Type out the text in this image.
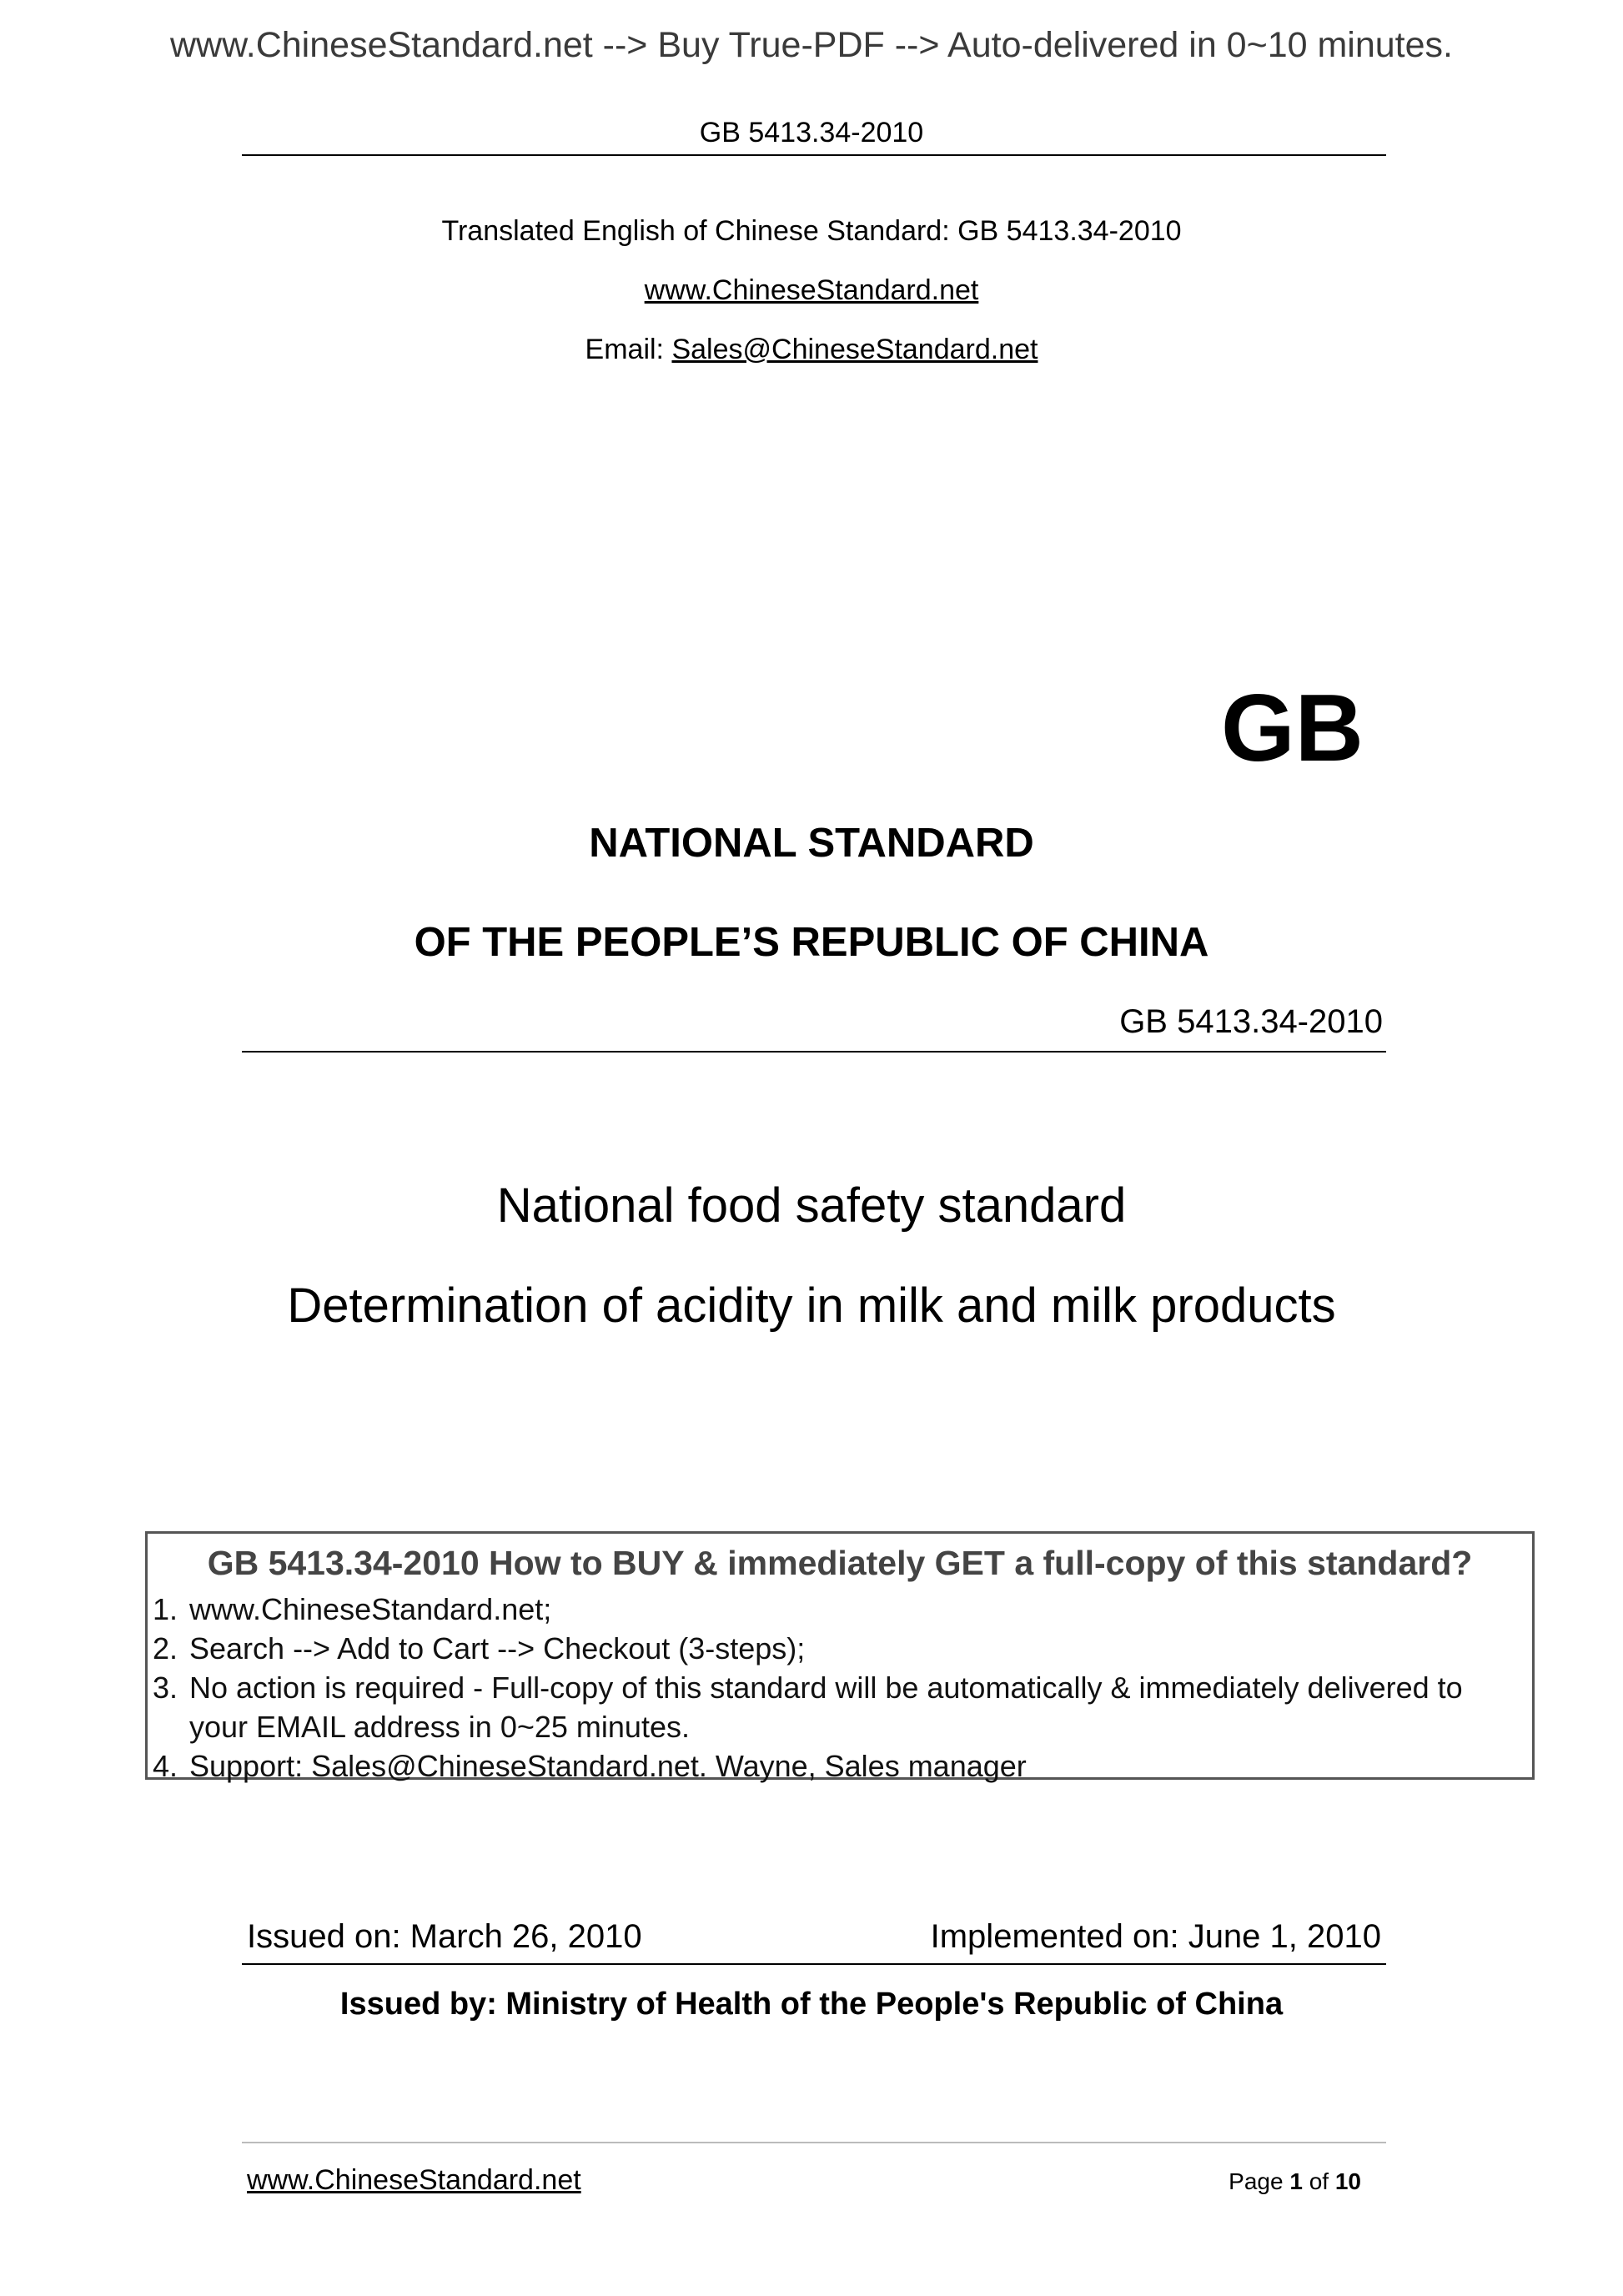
www.ChineseStandard.net --> Buy True-PDF --> Auto-delivered in 0~10 minutes.
GB 5413.34-2010
Translated English of Chinese Standard: GB 5413.34-2010
www.ChineseStandard.net
Email: Sales@ChineseStandard.net
GB
NATIONAL STANDARD
OF THE PEOPLE’S REPUBLIC OF CHINA
GB 5413.34-2010
National food safety standard
Determination of acidity in milk and milk products
GB 5413.34-2010 How to BUY & immediately GET a full-copy of this standard?
1. www.ChineseStandard.net;
2. Search --> Add to Cart --> Checkout (3-steps);
3. No action is required - Full-copy of this standard will be automatically & immediately delivered to
your EMAIL address in 0~25 minutes.
4. Support: Sales@ChineseStandard.net. Wayne, Sales manager
Issued on: March 26, 2010	Implemented on: June 1, 2010
Issued by: Ministry of Health of the People's Republic of China
www.ChineseStandard.net	Page 1 of 10
